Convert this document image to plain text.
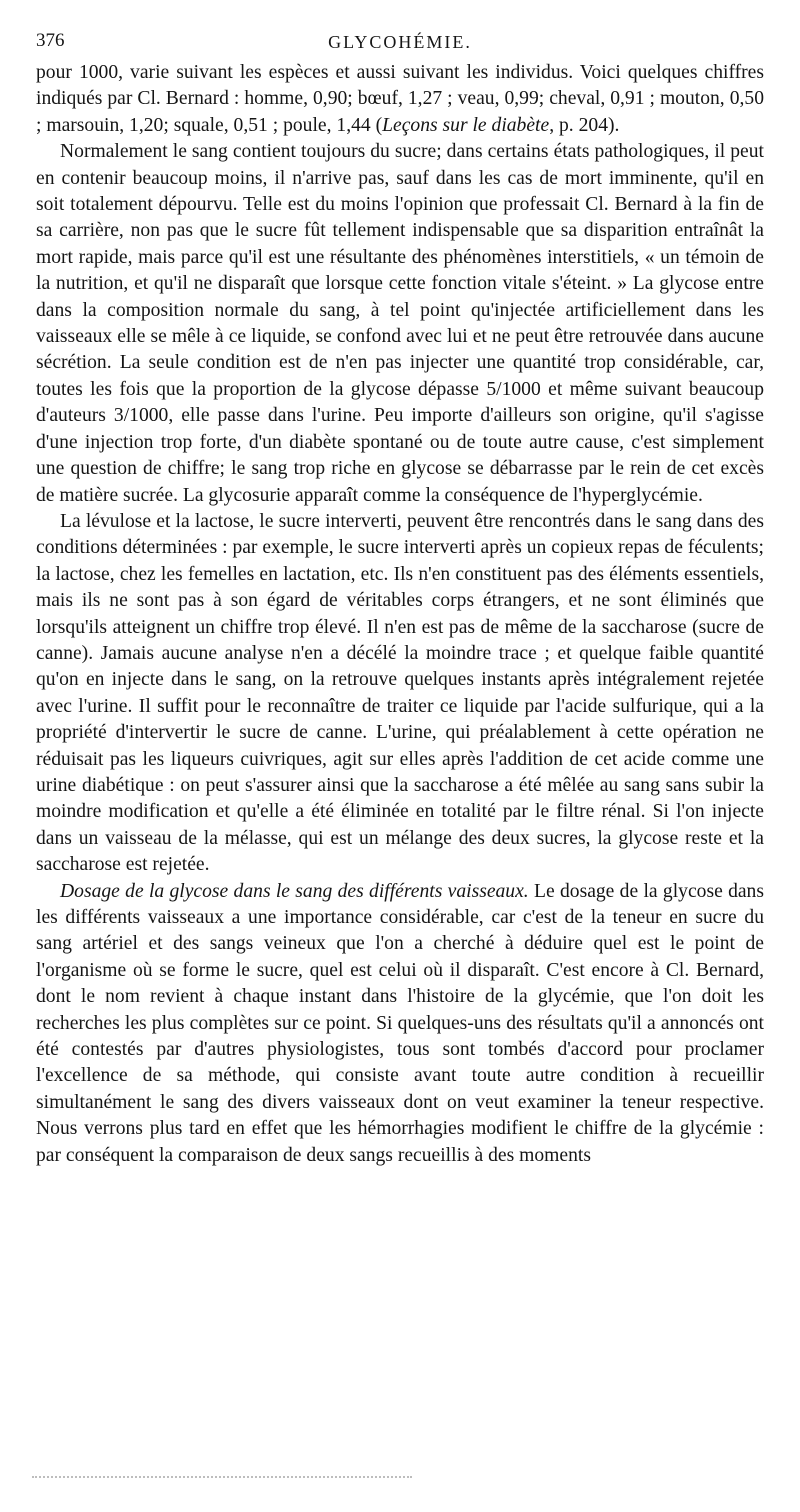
376	GLYCOHÉMIE.

pour 1000, varie suivant les espèces et aussi suivant les individus. Voici quelques chiffres indiqués par Cl. Bernard : homme, 0,90; bœuf, 1,27 ; veau, 0,99; cheval, 0,91 ; mouton, 0,50 ; marsouin, 1,20; squale, 0,51 ; poule, 1,44 (Leçons sur le diabète, p. 204).

Normalement le sang contient toujours du sucre; dans certains états pathologiques, il peut en contenir beaucoup moins, il n'arrive pas, sauf dans les cas de mort imminente, qu'il en soit totalement dépourvu. Telle est du moins l'opinion que professait Cl. Bernard à la fin de sa carrière, non pas que le sucre fût tellement indispensable que sa disparition entraînât la mort rapide, mais parce qu'il est une résultante des phénomènes interstitiels, « un témoin de la nutrition, et qu'il ne disparaît que lorsque cette fonction vitale s'éteint. » La glycose entre dans la composition normale du sang, à tel point qu'injectée artificiellement dans les vaisseaux elle se mêle à ce liquide, se confond avec lui et ne peut être retrouvée dans aucune sécrétion. La seule condition est de n'en pas injecter une quantité trop considérable, car, toutes les fois que la proportion de la glycose dépasse 5/1000 et même suivant beaucoup d'auteurs 3/1000, elle passe dans l'urine. Peu importe d'ailleurs son origine, qu'il s'agisse d'une injection trop forte, d'un diabète spontané ou de toute autre cause, c'est simplement une question de chiffre; le sang trop riche en glycose se débarrasse par le rein de cet excès de matière sucrée. La glycosurie apparaît comme la conséquence de l'hyperglycémie.

La lévulose et la lactose, le sucre interverti, peuvent être rencontrés dans le sang dans des conditions déterminées : par exemple, le sucre interverti après un copieux repas de féculents; la lactose, chez les femelles en lactation, etc. Ils n'en constituent pas des éléments essentiels, mais ils ne sont pas à son égard de véritables corps étrangers, et ne sont éliminés que lorsqu'ils atteignent un chiffre trop élevé. Il n'en est pas de même de la saccharose (sucre de canne). Jamais aucune analyse n'en a décélé la moindre trace ; et quelque faible quantité qu'on en injecte dans le sang, on la retrouve quelques instants après intégralement rejetée avec l'urine. Il suffit pour le reconnaître de traiter ce liquide par l'acide sulfurique, qui a la propriété d'intervertir le sucre de canne. L'urine, qui préalablement à cette opération ne réduisait pas les liqueurs cuivriques, agit sur elles après l'addition de cet acide comme une urine diabétique : on peut s'assurer ainsi que la saccharose a été mêlée au sang sans subir la moindre modification et qu'elle a été éliminée en totalité par le filtre rénal. Si l'on injecte dans un vaisseau de la mélasse, qui est un mélange des deux sucres, la glycose reste et la saccharose est rejetée.

Dosage de la glycose dans le sang des différents vaisseaux. Le dosage de la glycose dans les différents vaisseaux a une importance considérable, car c'est de la teneur en sucre du sang artériel et des sangs veineux que l'on a cherché à déduire quel est le point de l'organisme où se forme le sucre, quel est celui où il disparaît. C'est encore à Cl. Bernard, dont le nom revient à chaque instant dans l'histoire de la glycémie, que l'on doit les recherches les plus complètes sur ce point. Si quelques-uns des résultats qu'il a annoncés ont été contestés par d'autres physiologistes, tous sont tombés d'accord pour proclamer l'excellence de sa méthode, qui consiste avant toute autre condition à recueillir simultanément le sang des divers vaisseaux dont on veut examiner la teneur respective. Nous verrons plus tard en effet que les hémorrhagies modifient le chiffre de la glycémie : par conséquent la comparaison de deux sangs recueillis à des moments
